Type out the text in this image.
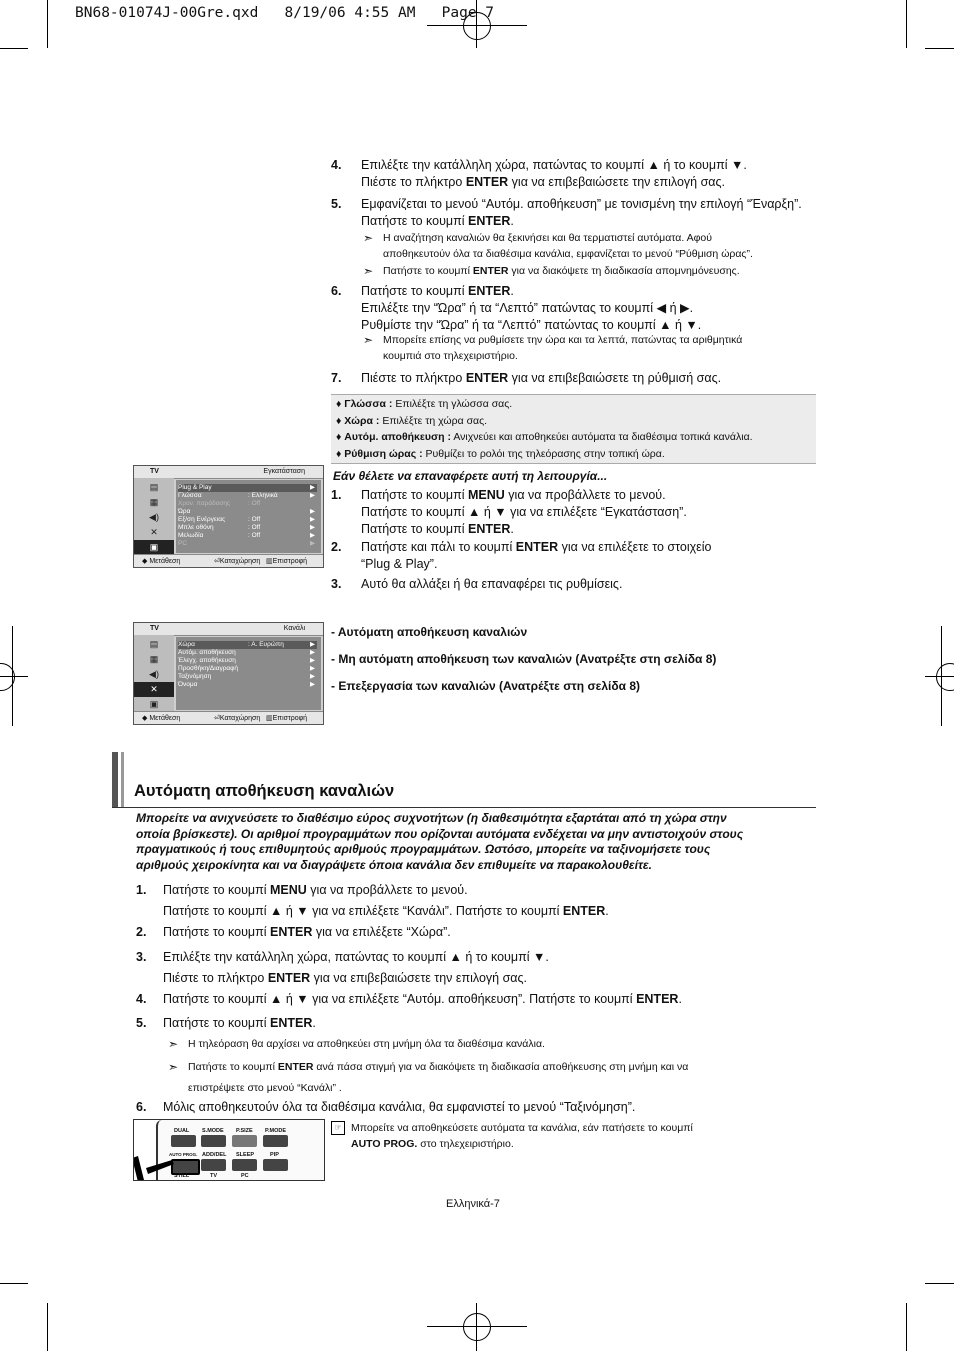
BN68-01074J-00Gre.qxd   8/19/06 4:55 AM   Page 7
4. Επιλέξτε την κατάλληλη χώρα, πατώντας το κουμπί ▲ ή το κουμπί ▼.
Πιέστε το πλήκτρο ENTER για να επιβεβαιώσετε την επιλογή σας.
5. Εμφανίζεται το μενού “Αυτόμ. αποθήκευση” με τονισμένη την επιλογή “Έναρξη”.
Πατήστε το κουμπί ENTER.
➣ Η αναζήτηση καναλιών θα ξεκινήσει και θα τερματιστεί αυτόματα. Αφού
αποθηκευτούν όλα τα διαθέσιμα κανάλια, εμφανίζεται το μενού “Ρύθμιση ώρας”.
➣ Πατήστε το κουμπί ENTER για να διακόψετε τη διαδικασία απομνημόνευσης.
6. Πατήστε το κουμπί ENTER.
Επιλέξτε την “Ώρα” ή τα “Λεπτό” πατώντας το κουμπί ◀ ή ▶.
Ρυθμίστε την “Ώρα” ή τα “Λεπτό” πατώντας το κουμπί ▲ ή ▼.
➣ Μπορείτε επίσης να ρυθμίσετε την ώρα και τα λεπτά, πατώντας τα αριθμητικά
κουμπιά στο τηλεχειριστήριο.
7. Πιέστε το πλήκτρο ENTER για να επιβεβαιώσετε τη ρύθμισή σας.
♦ Γλώσσα : Επιλέξτε τη γλώσσα σας.
♦ Χώρα : Επιλέξτε τη χώρα σας.
♦ Αυτόμ. αποθήκευση : Ανιχνεύει και αποθηκεύει αυτόματα τα διαθέσιμα τοπικά κανάλια.
♦ Ρύθμιση ώρας : Ρυθμίζει το ρολόι της τηλεόρασης στην τοπική ώρα.
TV	Εγκατάσταση
▤
▦
◀)
✕
▣
Plug & Play	▶
Γλώσσα	: Ελληνικά	▶
Χρον. παράδοσης	: Off
Ώρα	▶
Εξ/ση Ενέργειας	: Off	▶
Μπλε οθόνη	: Off	▶
Μελωδία	: Off	▶
PC	▶
◆ Μετάθεση	⏎Καταχώρηση ▥Επιστροφή
Εάν θέλετε να επαναφέρετε αυτή τη λειτουργία...
1. Πατήστε το κουμπί MENU για να προβάλλετε το μενού.
Πατήστε το κουμπί ▲ ή ▼ για να επιλέξετε “Εγκατάσταση”.
Πατήστε το κουμπί ENTER.
2. Πατήστε και πάλι το κουμπί ENTER για να επιλέξετε το στοιχείο
“Plug & Play”.
3. Αυτό θα αλλάξει ή θα επαναφέρει τις ρυθμίσεις.
TV	Κανάλι
▤
▦
◀)
✕
▣
Χώρα	: Α. Ευρώπη	▶
Αυτόμ. αποθήκευση	▶
Έλεγχ. αποθήκευση	▶
Προσθήκη/Διαγραφή	▶
Ταξινόμηση	▶
Όνομα	▶
◆ Μετάθεση	⏎Καταχώρηση ▥Επιστροφή
- Αυτόματη αποθήκευση καναλιών
- Μη αυτόματη αποθήκευση των καναλιών (Ανατρέξτε στη σελίδα 8)
- Επεξεργασία των καναλιών (Ανατρέξτε στη σελίδα 8)
Αυτόματη αποθήκευση καναλιών
Μπορείτε να ανιχνεύσετε το διαθέσιμο εύρος συχνοτήτων (η διαθεσιμότητα εξαρτάται από τη χώρα στην
οποία βρίσκεστε). Οι αριθμοί προγραμμάτων που ορίζονται αυτόματα ενδέχεται να μην αντιστοιχούν στους
πραγματικούς ή τους επιθυμητούς αριθμούς προγραμμάτων. Ωστόσο, μπορείτε να ταξινομήσετε τους
αριθμούς χειροκίνητα και να διαγράψετε όποια κανάλια δεν επιθυμείτε να παρακολουθείτε.
1. Πατήστε το κουμπί MENU για να προβάλλετε το μενού.
Πατήστε το κουμπί ▲ ή ▼ για να επιλέξετε “Κανάλι”. Πατήστε το κουμπί ENTER.
2. Πατήστε το κουμπί ENTER για να επιλέξετε “Χώρα”.
3. Επιλέξτε την κατάλληλη χώρα, πατώντας το κουμπί ▲ ή το κουμπί ▼.
Πιέστε το πλήκτρο ENTER για να επιβεβαιώσετε την επιλογή σας.
4. Πατήστε το κουμπί ▲ ή ▼ για να επιλέξετε “Αυτόμ. αποθήκευση”. Πατήστε το κουμπί ENTER.
5. Πατήστε το κουμπί ENTER.
➣ Η τηλεόραση θα αρχίσει να αποθηκεύει στη μνήμη όλα τα διαθέσιμα κανάλια.
➣ Πατήστε το κουμπί ENTER ανά πάσα στιγμή για να διακόψετε τη διαδικασία αποθήκευσης στη μνήμη και να
επιστρέψετε στο μενού “Κανάλι” .
6. Μόλις αποθηκευτούν όλα τα διαθέσιμα κανάλια, θα εμφανιστεί το μενού “Ταξινόμηση”.
DUAL S.MODE P.SIZE P.MODE
AUTO PROG. ADD/DEL SLEEP	PIP
STILL	TV	PC
☞ Μπορείτε να αποθηκεύσετε αυτόματα τα κανάλια, εάν πατήσετε το κουμπί
AUTO PROG. στο τηλεχειριστήριο.
Ελληνικά-7
